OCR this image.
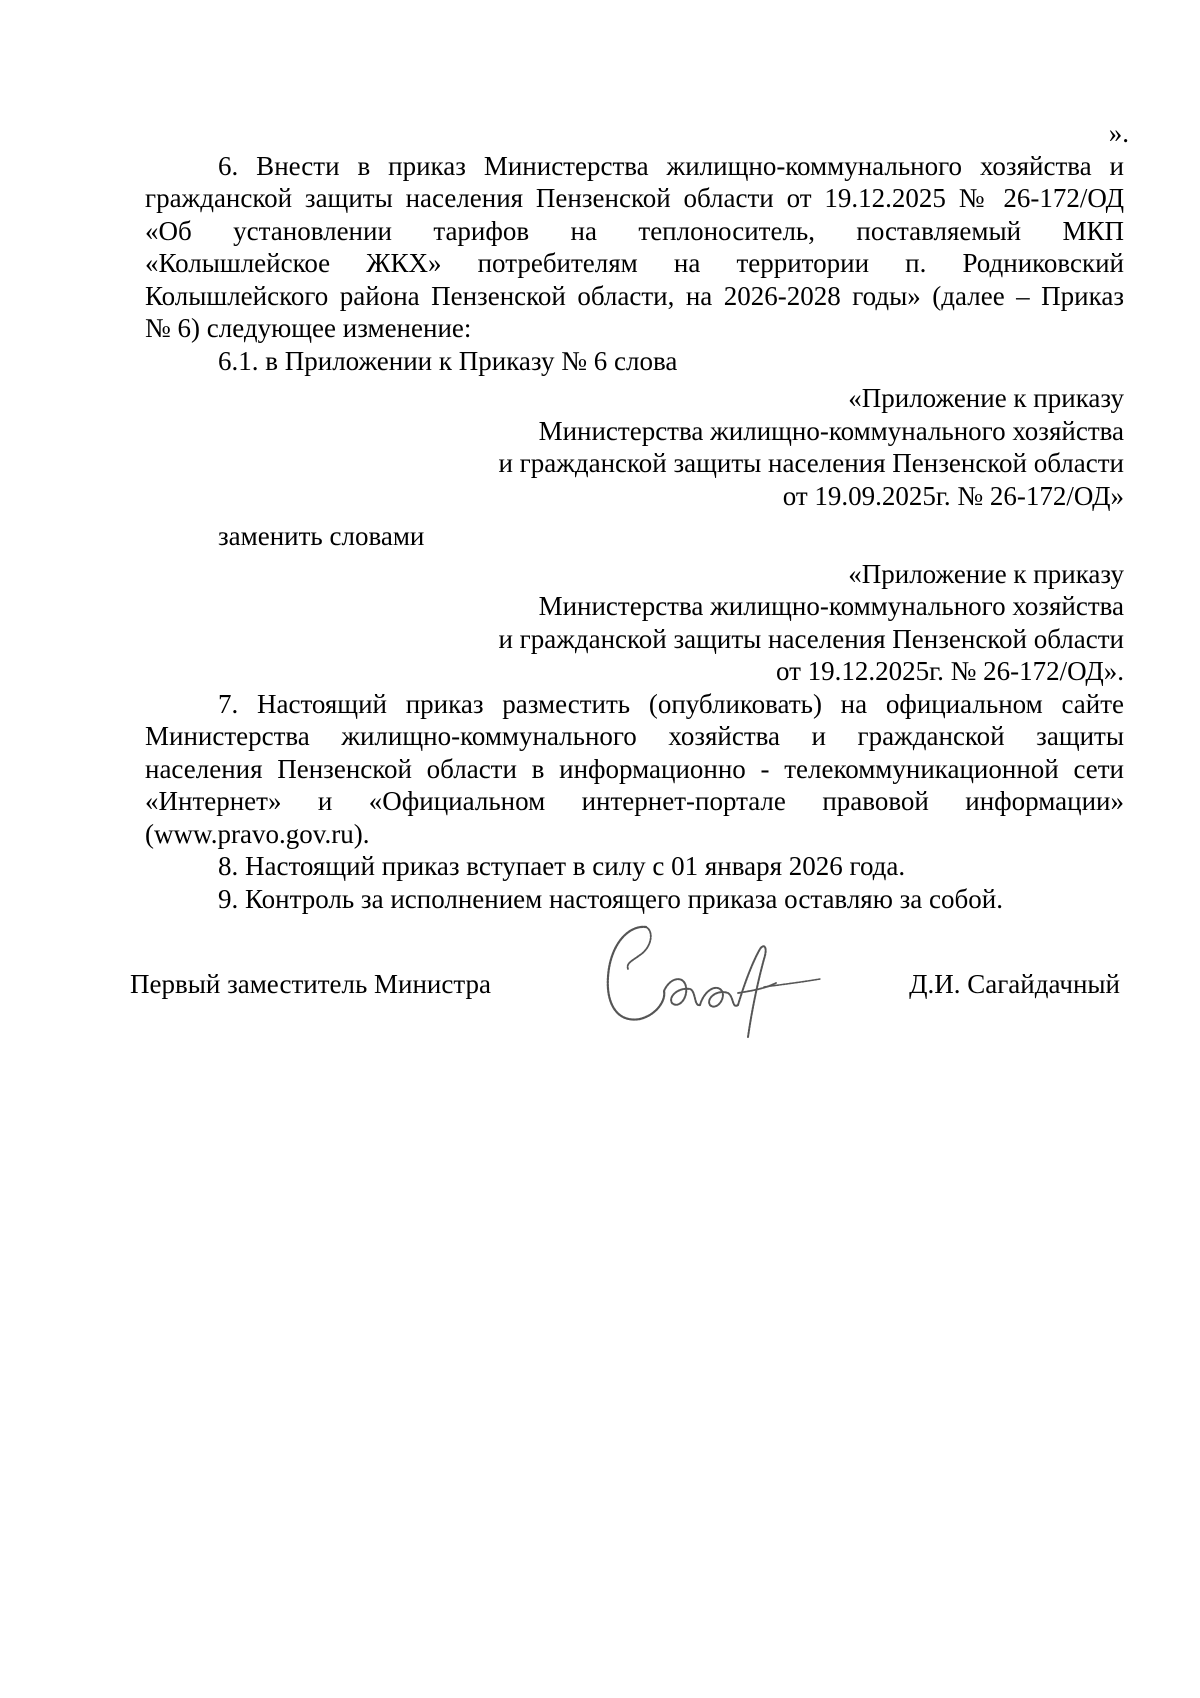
».

6. Внести в приказ Министерства жилищно-коммунального хозяйства и
гражданской защиты населения Пензенской области от 19.12.2025 № 26-172/ОД
«Об установлении тарифов на теплоноситель, поставляемый МКП
«Колышлейское ЖКХ» потребителям на территории п. Родниковский
Колышлейского района Пензенской области, на 2026-2028 годы» (далее – Приказ
№ 6) следующее изменение:

6.1. в Приложении к Приказу № 6 слова

«Приложение к приказу
Министерства жилищно-коммунального хозяйства
и гражданской защиты населения Пензенской области
от 19.09.2025г. № 26-172/ОД»

заменить словами

«Приложение к приказу
Министерства жилищно-коммунального хозяйства
и гражданской защиты населения Пензенской области
от 19.12.2025г. № 26-172/ОД».
7. Настоящий приказ разместить (опубликовать) на официальном сайте
Министерства жилищно-коммунального хозяйства и гражданской защиты
населения Пензенской области в информационно - телекоммуникационной сети
«Интернет» и «Официальном интернет-портале правовой информации»
(www.pravo.gov.ru).

8. Настоящий приказ вступает в силу с 01 января 2026 года.

9. Контроль за исполнением настоящего приказа оставляю за собой.

Первый заместитель Министра	Д.И. Сагайдачный
